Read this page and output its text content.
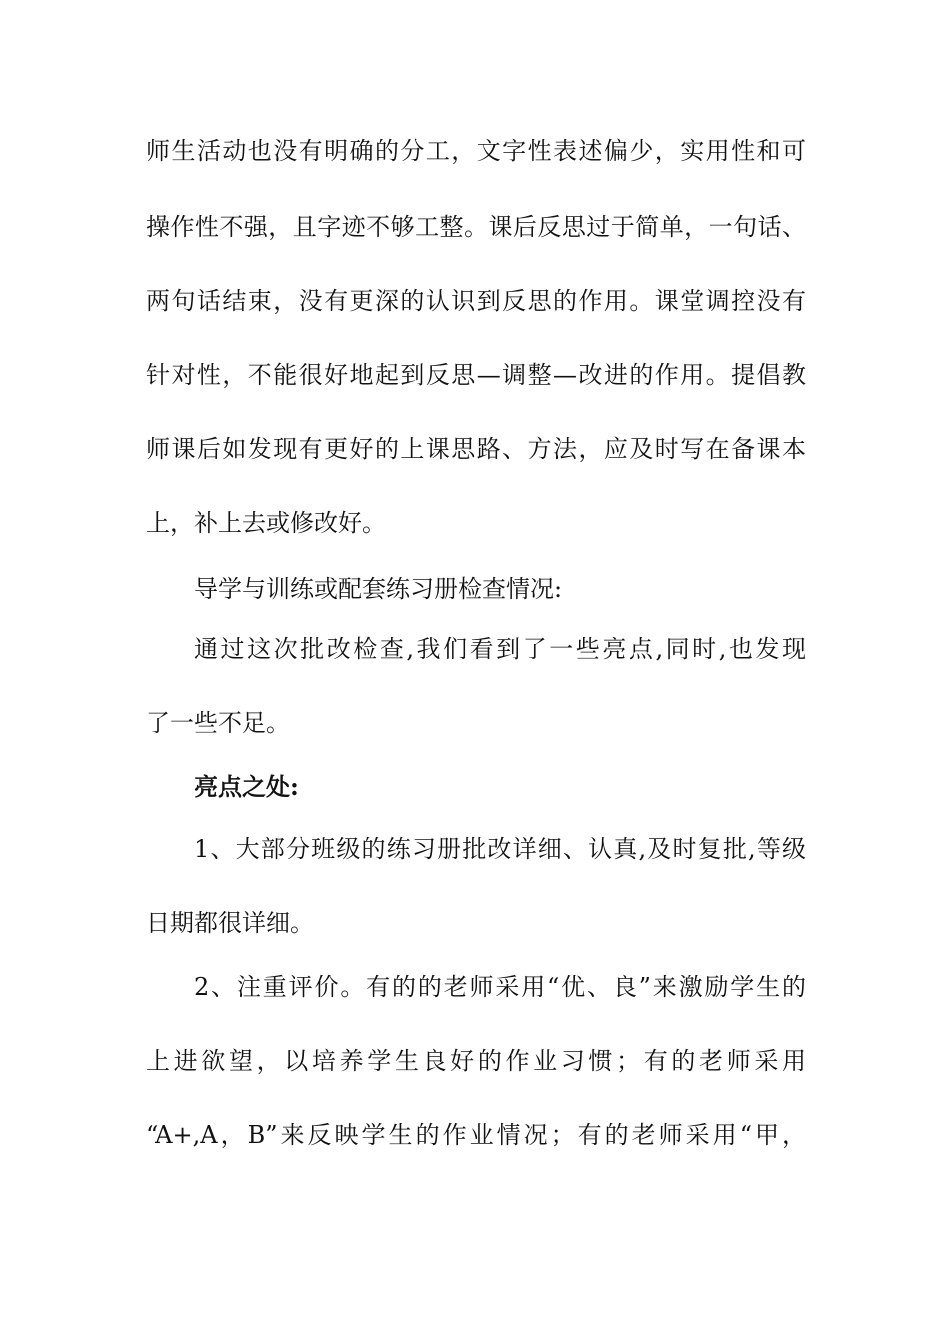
师生活动也没有明确的分工，文字性表述偏少，实用性和可
操作性不强，且字迹不够工整。课后反思过于简单，一句话、
两句话结束，没有更深的认识到反思的作用。课堂调控没有
针对性，不能很好地起到反思—调整—改进的作用。提倡教
师课后如发现有更好的上课思路、方法，应及时写在备课本
上，补上去或修改好。
导学与训练或配套练习册检查情况:
通过这次批改检查,我们看到了一些亮点,同时,也发现
了一些不足。
亮点之处:
1、大部分班级的练习册批改详细、认真,及时复批,等级
日期都很详细。
2、注重评价。有的的老师采用“优、良”来激励学生的
上进欲望，以培养学生良好的作业习惯；有的老师采用
“A+,A，B”来反映学生的作业情况；有的老师采用“甲，
